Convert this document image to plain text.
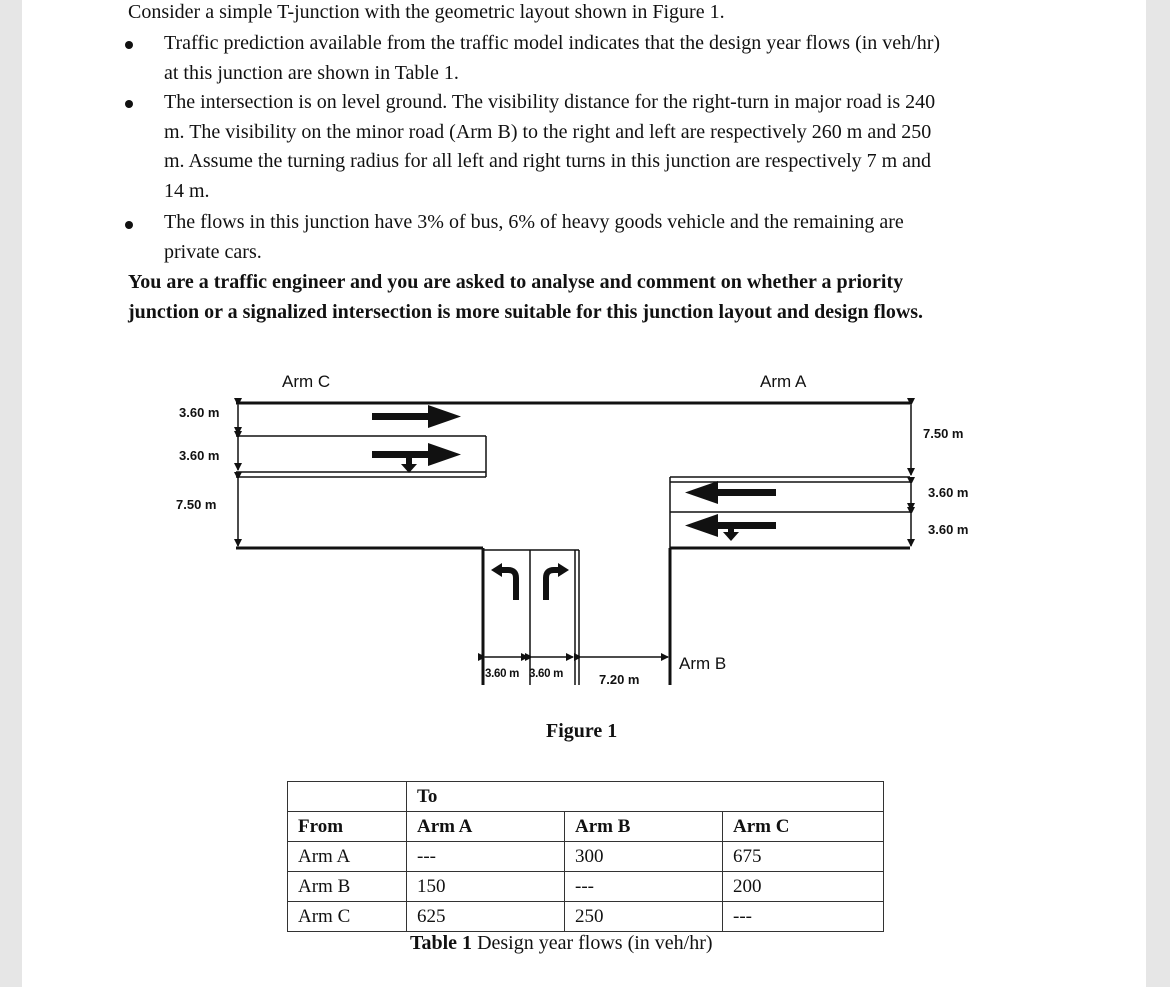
Consider a simple T-junction with the geometric layout shown in Figure 1.
Traffic prediction available from the traffic model indicates that the design year flows (in veh/hr)
at this junction are shown in Table 1.
The intersection is on level ground. The visibility distance for the right-turn in major road is 240
m. The visibility on the minor road (Arm B) to the right and left are respectively 260 m and 250
m. Assume the turning radius for all left and right turns in this junction are respectively 7 m and
14 m.
The flows in this junction have 3% of bus, 6% of heavy goods vehicle and the remaining are
private cars.
You are a traffic engineer and you are asked to analyse and comment on whether a priority
junction or a signalized intersection is more suitable for this junction layout and design flows.
Arm C	Arm A
Arm B
3.60 m
3.60 m
7.50 m
7.50 m
3.60 m
3.60 m
3.60 m 3.60 m	7.20 m
Figure 1
	To		
From	Arm A	Arm B	Arm C
Arm A	---	300	675
Arm B	150	---	200
Arm C	625	250	---
Table 1 Design year flows (in veh/hr)
